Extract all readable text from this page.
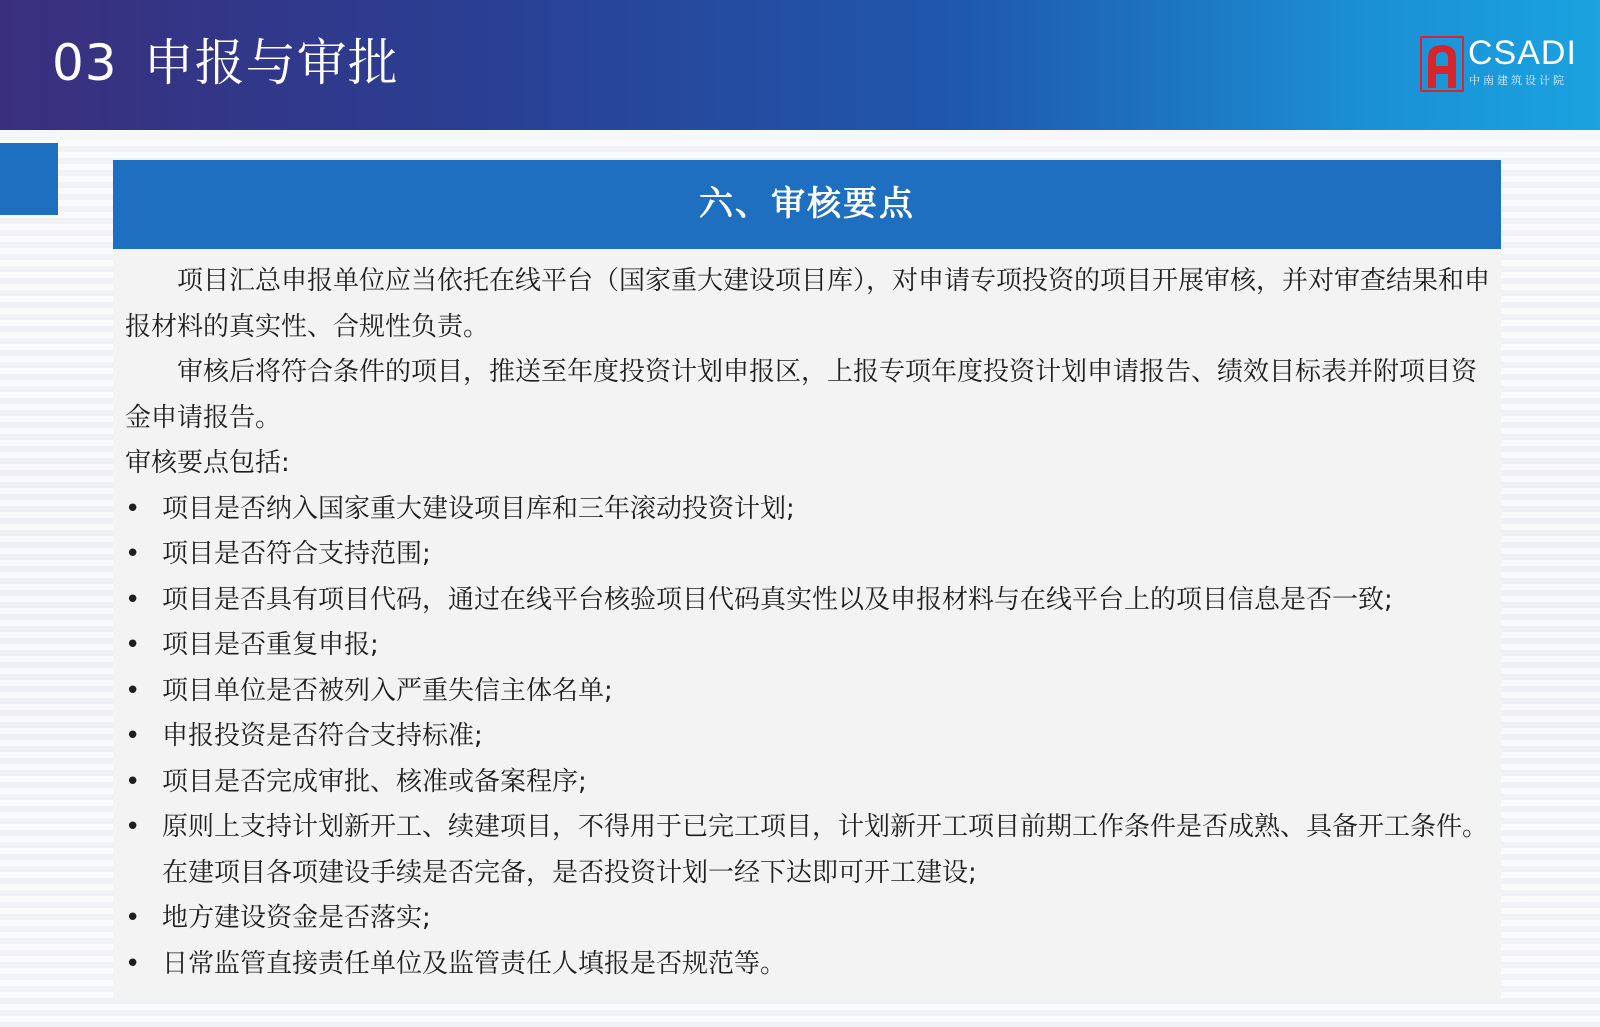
03 申报与审批	CSADI
中南建筑设计院
六、审核要点

项目汇总申报单位应当依托在线平台（国家重大建设项目库），对申请专项投资的项目开展审核，并对审查结果和申报材料的真实性、合规性负责。

审核后将符合条件的项目，推送至年度投资计划申报区，上报专项年度投资计划申请报告、绩效目标表并附项目资金申请报告。

审核要点包括:

• 项目是否纳入国家重大建设项目库和三年滚动投资计划;
• 项目是否符合支持范围;
• 项目是否具有项目代码，通过在线平台核验项目代码真实性以及申报材料与在线平台上的项目信息是否一致;
• 项目是否重复申报;
• 项目单位是否被列入严重失信主体名单;
• 申报投资是否符合支持标准;
• 项目是否完成审批、核准或备案程序;
• 原则上支持计划新开工、续建项目，不得用于已完工项目，计划新开工项目前期工作条件是否成熟、具备开工条件。在建项目各项建设手续是否完备，是否投资计划一经下达即可开工建设;
• 地方建设资金是否落实;
• 日常监管直接责任单位及监管责任人填报是否规范等。
